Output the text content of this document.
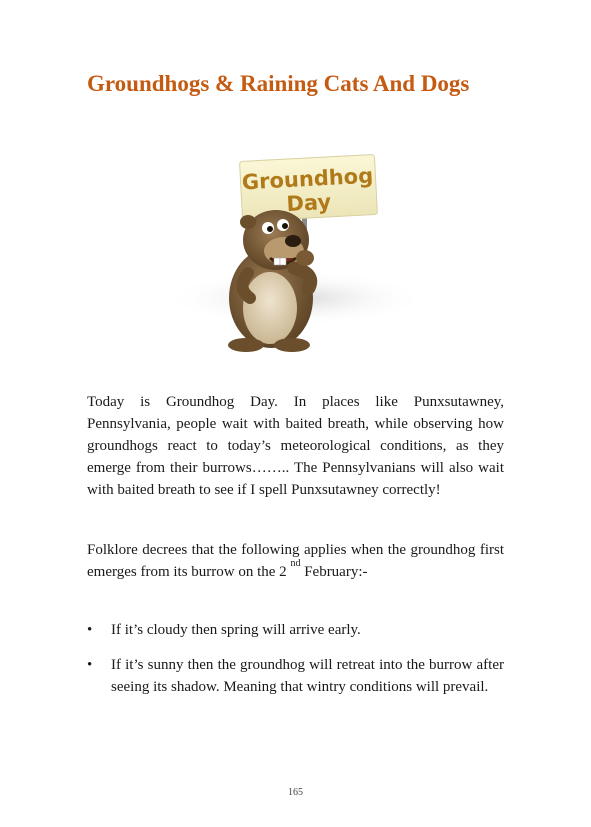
Groundhogs & Raining Cats And Dogs
Groundhog
Day

Today is Groundhog Day. In places like Punxsutawney, Pennsylvania, people wait with baited breath, while observing how groundhogs react to today’s meteorological conditions, as they emerge from their burrows…….. The Pennsylvanians will also wait with baited breath to see if I spell Punxsutawney correctly!

Folklore decrees that the following applies when the groundhog first emerges from its burrow on the 2 $^{nd}$ February:-

• If it’s cloudy then spring will arrive early.
• If it’s sunny then the groundhog will retreat into the burrow after seeing its shadow. Meaning that wintry conditions will prevail.
165
